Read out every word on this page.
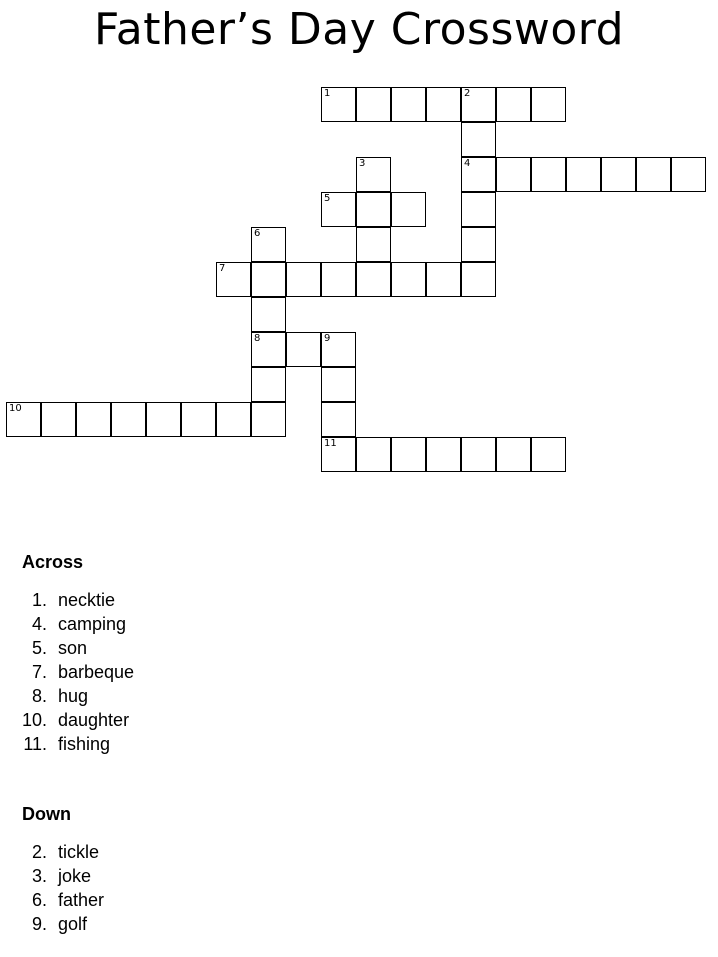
Father’s Day Crossword
1	2
4
5
7
8	9
10
11
3
6
Across
1. necktie
4. camping
5. son
7. barbeque
8. hug
10. daughter
11. fishing
Down
2. tickle
3. joke
6. father
9. golf
